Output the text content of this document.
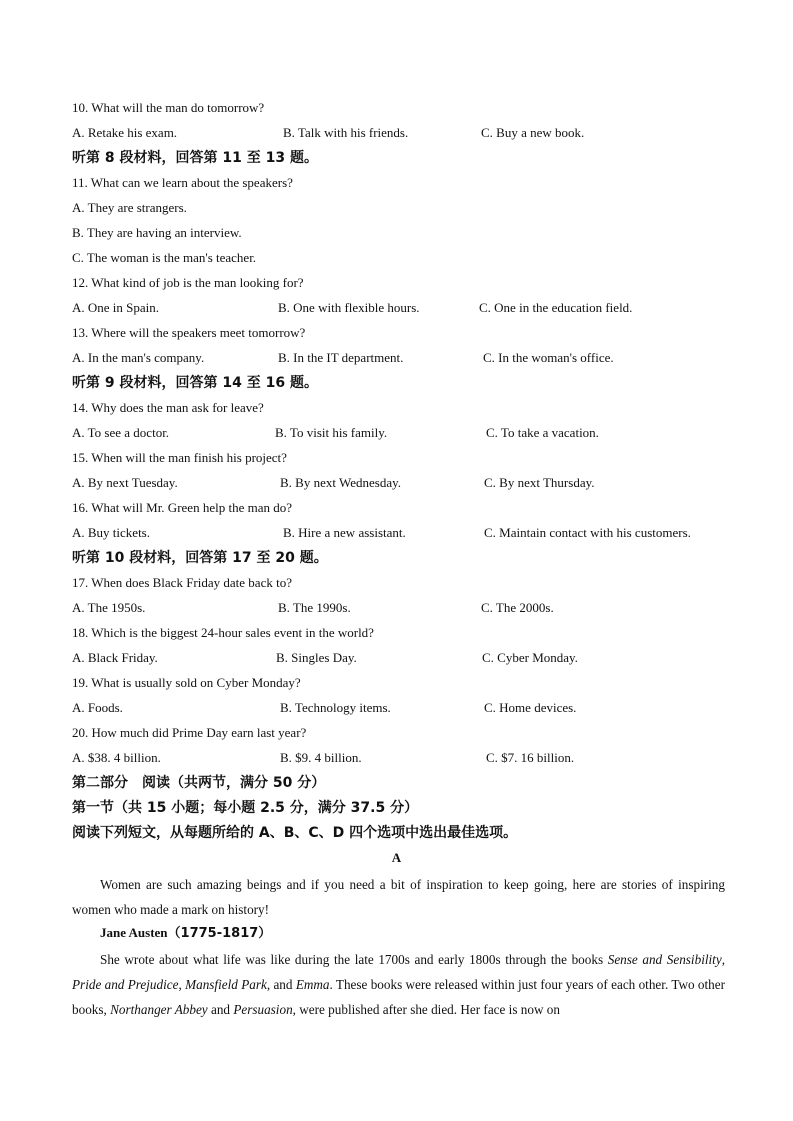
10. What will the man do tomorrow?
A. Retake his exam.	B. Talk with his friends.	C. Buy a new book.
听第 8 段材料，回答第 11 至 13 题。
11. What can we learn about the speakers?
A. They are strangers.
B. They are having an interview.
C. The woman is the man's teacher.
12. What kind of job is the man looking for?
A. One in Spain.	B. One with flexible hours.	C. One in the education field.
13. Where will the speakers meet tomorrow?
A. In the man's company.	B. In the IT department.	C. In the woman's office.
听第 9 段材料，回答第 14 至 16 题。
14. Why does the man ask for leave?
A. To see a doctor.	B. To visit his family.	C. To take a vacation.
15. When will the man finish his project?
A. By next Tuesday.	B. By next Wednesday.	C. By next Thursday.
16. What will Mr. Green help the man do?
A. Buy tickets.	B. Hire a new assistant.	C. Maintain contact with his customers.
听第 10 段材料，回答第 17 至 20 题。
17. When does Black Friday date back to?
A. The 1950s.	B. The 1990s.	C. The 2000s.
18. Which is the biggest 24-hour sales event in the world?
A. Black Friday.	B. Singles Day.	C. Cyber Monday.
19. What is usually sold on Cyber Monday?
A. Foods.	B. Technology items.	C. Home devices.
20. How much did Prime Day earn last year?
A. $38. 4 billion.	B. $9. 4 billion.	C. $7. 16 billion.
第二部分　阅读（共两节，满分 50 分）
第一节（共 15 小题；每小题 2.5 分，满分 37.5 分）
阅读下列短文，从每题所给的 A、B、C、D 四个选项中选出最佳选项。
A
Women are such amazing beings and if you need a bit of inspiration to keep going, here are stories of inspiring women who made a mark on history!
Jane Austen（1775-1817）
She wrote about what life was like during the late 1700s and early 1800s through the books Sense and Sensibility, Pride and Prejudice, Mansfield Park, and Emma. These books were released within just four years of each other. Two other books, Northanger Abbey and Persuasion, were published after she died. Her face is now on
